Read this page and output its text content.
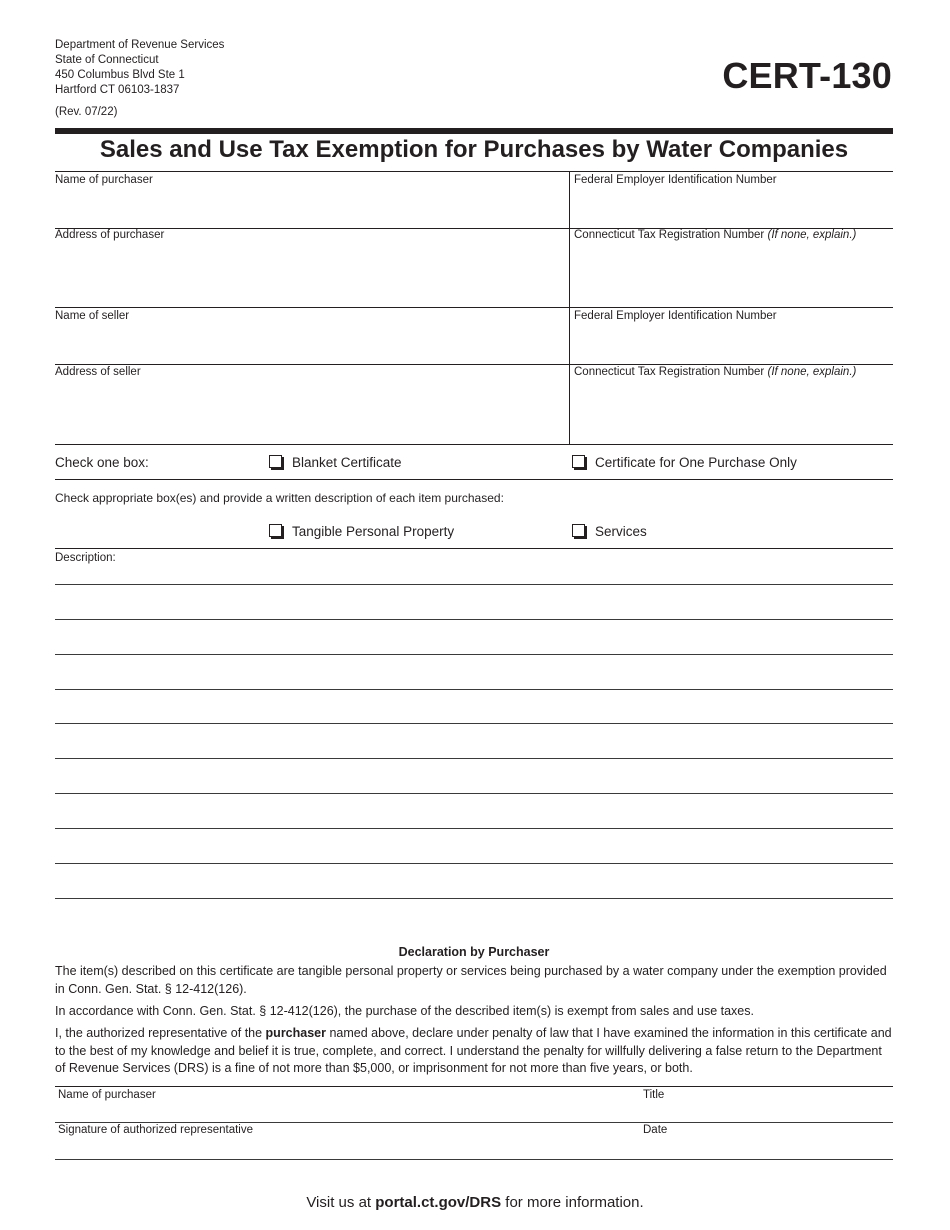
Department of Revenue Services
State of Connecticut
450 Columbus Blvd Ste 1
Hartford CT 06103-1837
(Rev. 07/22)
CERT-130
Sales and Use Tax Exemption for Purchases by Water Companies
Name of purchaser	Federal Employer Identification Number
Address of purchaser	Connecticut Tax Registration Number (If none, explain.)
Name of seller	Federal Employer Identification Number
Address of seller	Connecticut Tax Registration Number (If none, explain.)
Check one box:	Blanket Certificate	Certificate for One Purchase Only
Check appropriate box(es) and provide a written description of each item purchased:
Tangible Personal Property	Services
Description:
Declaration by Purchaser
The item(s) described on this certificate are tangible personal property or services being purchased by a water company under the exemption provided in Conn. Gen. Stat. § 12-412(126).
In accordance with Conn. Gen. Stat. § 12-412(126), the purchase of the described item(s) is exempt from sales and use taxes.
I, the authorized representative of the purchaser named above, declare under penalty of law that I have examined the information in this certificate and to the best of my knowledge and belief it is true, complete, and correct. I understand the penalty for willfully delivering a false return to the Department of Revenue Services (DRS) is a fine of not more than $5,000, or imprisonment for not more than five years, or both.
Name of purchaser	Title
Signature of authorized representative	Date
Visit us at portal.ct.gov/DRS for more information.
